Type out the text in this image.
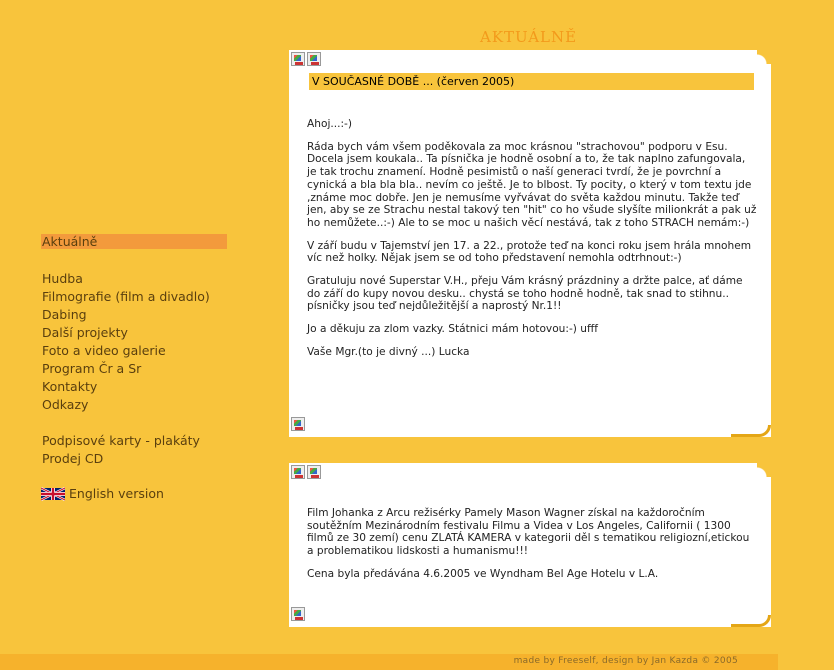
AKTUÁLNĚ
Aktuálně
Hudba
Filmografie (film a divadlo)
Dabing
Další projekty
Foto a video galerie
Program Čr a Sr
Kontakty
Odkazy
Podpisové karty - plakáty
Prodej CD
English version
V SOUČASNÉ DOBĚ ... (červen 2005)

Ahoj...:-)

Ráda bych vám všem poděkovala za moc krásnou "strachovou" podporu v Esu. Docela jsem koukala.. Ta písnička je hodně osobní a to, že tak naplno zafungovala, je tak trochu znamení. Hodně pesimistů o naší generaci tvrdí, že je povrchní a cynická a bla bla bla.. nevím co ještě. Je to blbost. Ty pocity, o který v tom textu jde ,známe moc dobře. Jen je nemusíme vyřvávat do světa každou minutu. Takže teď jen, aby se ze Strachu nestal takový ten "hit" co ho všude slyšíte milionkrát a pak už ho nemůžete..:-) Ale to se moc u našich věcí nestává, tak z toho STRACH nemám:-)

V září budu v Tajemství jen 17. a 22., protože teď na konci roku jsem hrála mnohem víc než holky. Nějak jsem se od toho představení nemohla odtrhnout:-)

Gratuluju nové Superstar V.H., přeju Vám krásný prázdniny a držte palce, ať dáme do září do kupy novou desku.. chystá se toho hodně hodně, tak snad to stihnu.. písničky jsou teď nejdůležitější a naprostý Nr.1!!

Jo a děkuju za zlom vazky. Státnici mám hotovou:-) ufff

Vaše Mgr.(to je divný ...) Lucka

Film Johanka z Arcu režisérky Pamely Mason Wagner získal na každoročním soutěžním Mezinárodním festivalu Filmu a Videa v Los Angeles, Californii ( 1300 filmů ze 30 zemí) cenu ZLATÁ KAMERA v kategorii děl s tematikou religiozní,etickou a problematikou lidskosti a humanismu!!!

Cena byla předávána 4.6.2005 ve Wyndham Bel Age Hotelu v L.A.

made by Freeself, design by Jan Kazda © 2005
